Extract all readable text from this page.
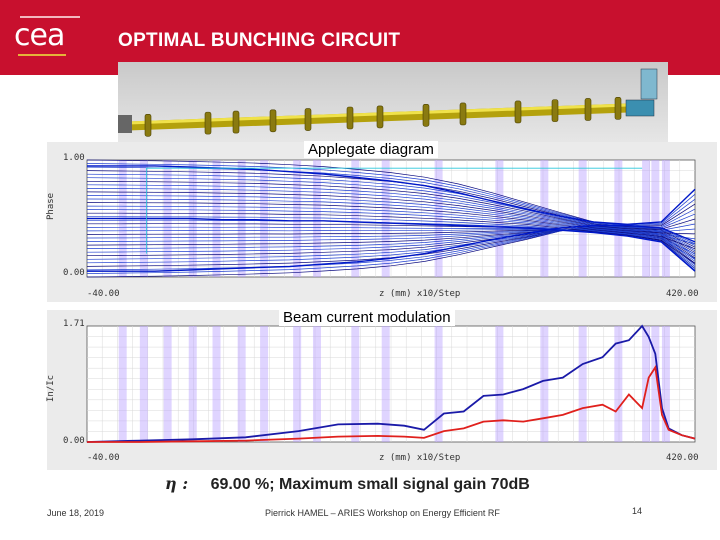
cea	OPTIMAL BUNCHING CIRCUIT
Applegate diagram
1.00
0.00
Phase
-40.00	z (mm) x10/Step	420.00
Beam current modulation
1.71
0.00
In/Ic
-40.00	z (mm) x10/Step	420.00
η : 69.00 %; Maximum small signal gain 70dB
June 18, 2019	Pierrick HAMEL – ARIES Workshop on Energy Efficient RF	14
